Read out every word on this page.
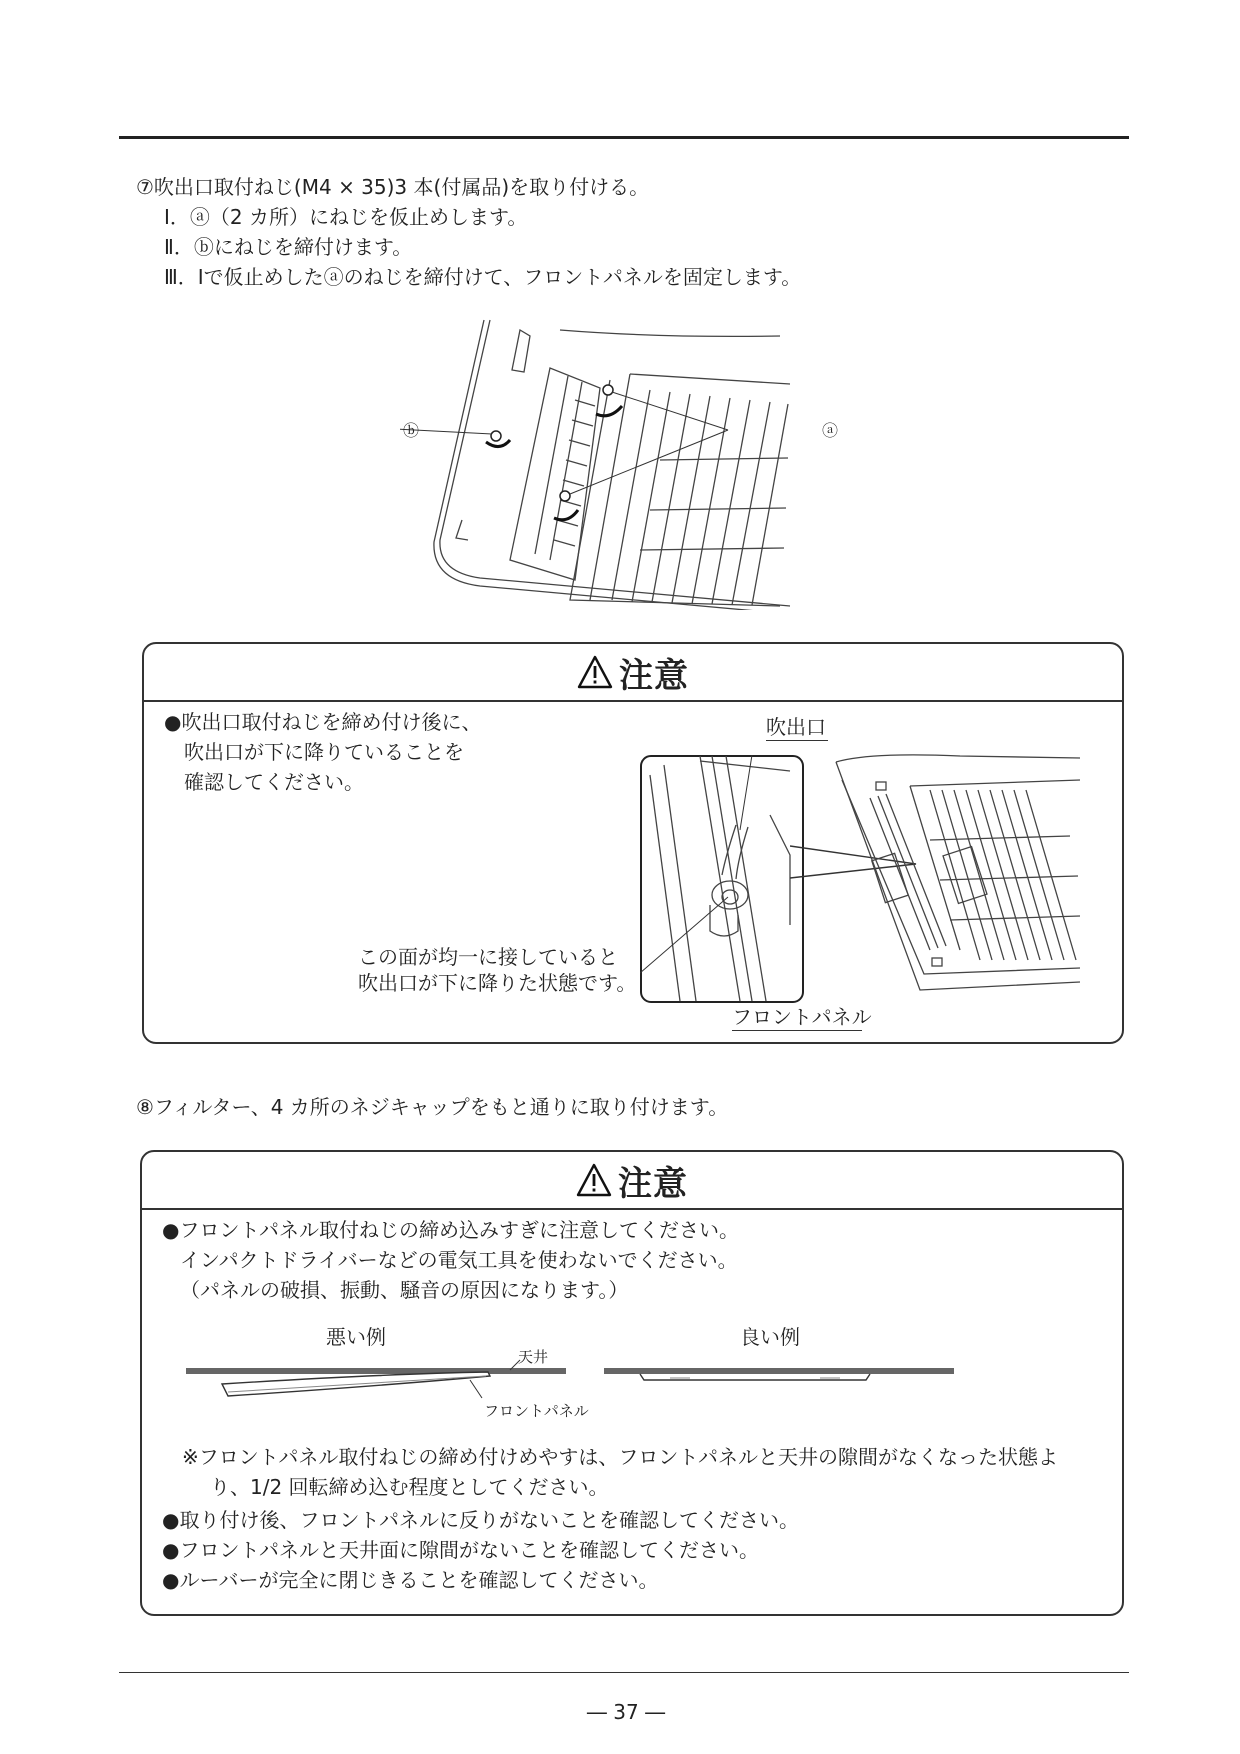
⑦吹出口取付ねじ(M4 × 35)3 本(付属品)を取り付ける。
Ⅰ．ⓐ（2 カ所）にねじを仮止めします。
Ⅱ．ⓑにねじを締付けます。
Ⅲ．Ⅰで仮止めしたⓐのねじを締付けて、フロントパネルを固定します。
ⓑ	ⓐ
注意
●吹出口取付ねじを締め付け後に、
吹出口が下に降りていることを
確認してください。
吹出口
この面が均一に接していると
吹出口が下に降りた状態です。
フロントパネル
⑧フィルター、4 カ所のネジキャップをもと通りに取り付けます。
注意
●フロントパネル取付ねじの締め込みすぎに注意してください。
インパクトドライバーなどの電気工具を使わないでください。
（パネルの破損、振動、騒音の原因になります。）
悪い例	良い例
天井
フロントパネル
※フロントパネル取付ねじの締め付けめやすは、フロントパネルと天井の隙間がなくなった状態よ
り、1/2 回転締め込む程度としてください。
●取り付け後、フロントパネルに反りがないことを確認してください。
●フロントパネルと天井面に隙間がないことを確認してください。
●ルーバーが完全に閉じきることを確認してください。
― 37 ―
